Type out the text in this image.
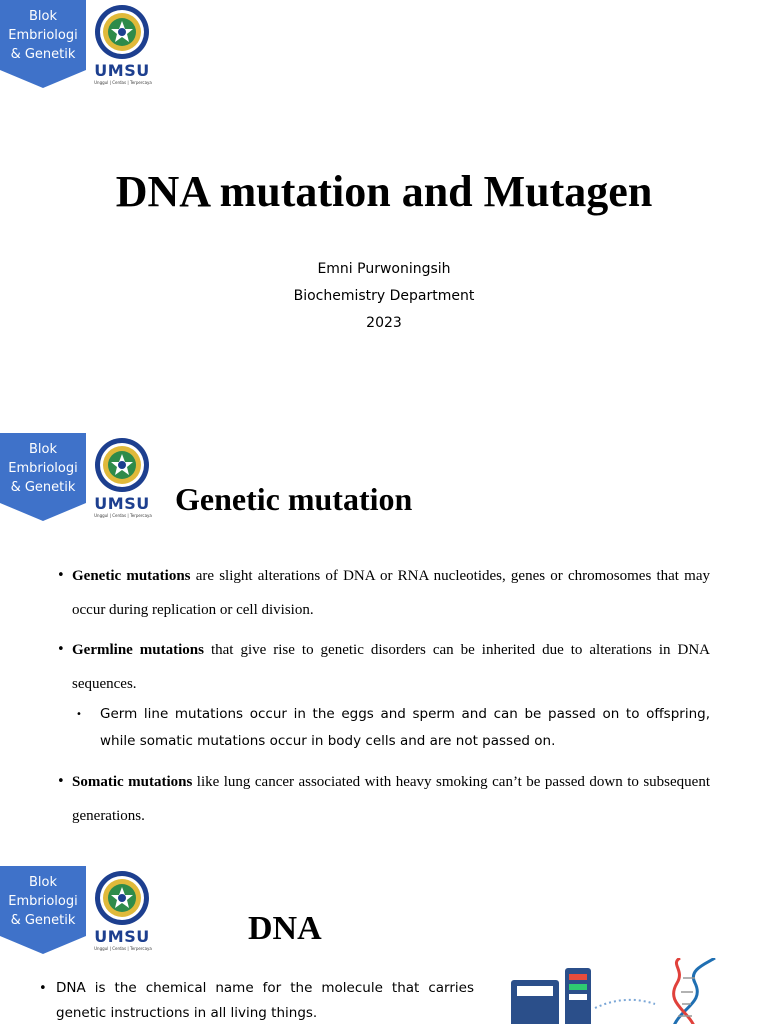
Blok
Embriologi
& Genetik
UMSU
Unggul | Cerdas | Terpercaya
DNA mutation and Mutagen
Emni Purwoningsih
Biochemistry Department
2023
Blok
Embriologi
& Genetik
UMSU
Unggul | Cerdas | Terpercaya Genetic mutation
• Genetic mutations are slight alterations of DNA or RNA nucleotides, genes or chromosomes that may occur during replication or cell division.
• Germline mutations that give rise to genetic disorders can be inherited due to alterations in DNA sequences.
• Germ line mutations occur in the eggs and sperm and can be passed on to offspring, while somatic mutations occur in body cells and are not passed on.
• Somatic mutations like lung cancer associated with heavy smoking can’t be passed down to subsequent generations.
Blok
Embriologi
& Genetik
UMSU
Unggul | Cerdas | Terpercaya
DNA
• DNA is the chemical name for the molecule that carries genetic instructions in all living things.
